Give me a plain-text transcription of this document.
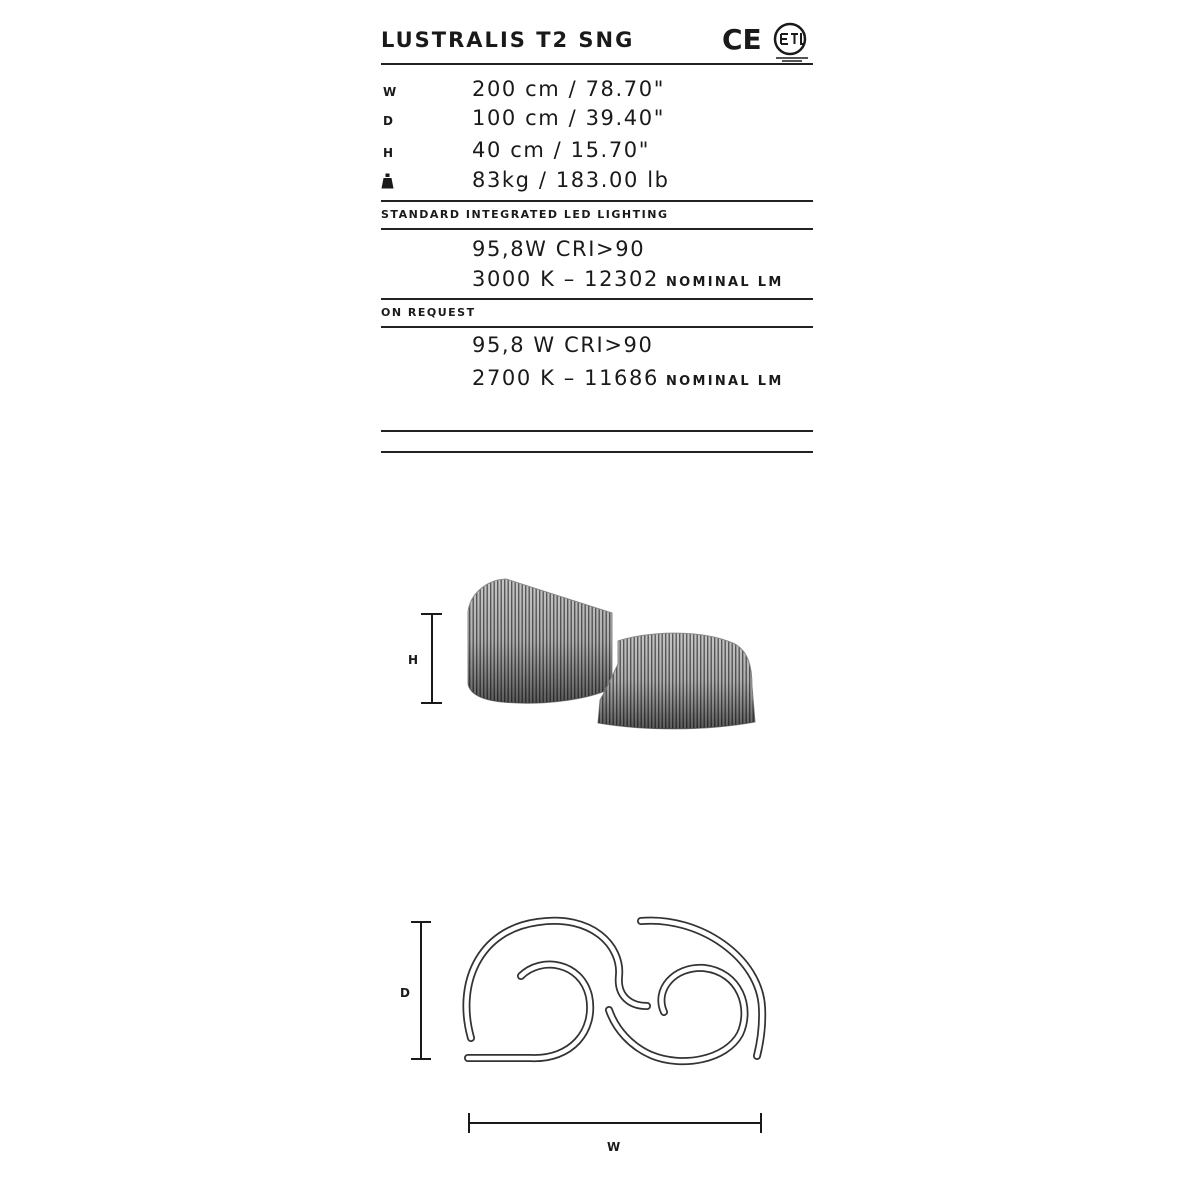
LUSTRALIS T2 SNG	CE
W	200 cm / 78.70"
D	100 cm / 39.40"
H	40 cm / 15.70"
83kg / 183.00 lb
STANDARD INTEGRATED LED LIGHTING
95,8W CRI>90
3000 K – 12302 NOMINAL LM
ON REQUEST
95,8 W CRI>90
2700 K – 11686 NOMINAL LM
H
D
W
